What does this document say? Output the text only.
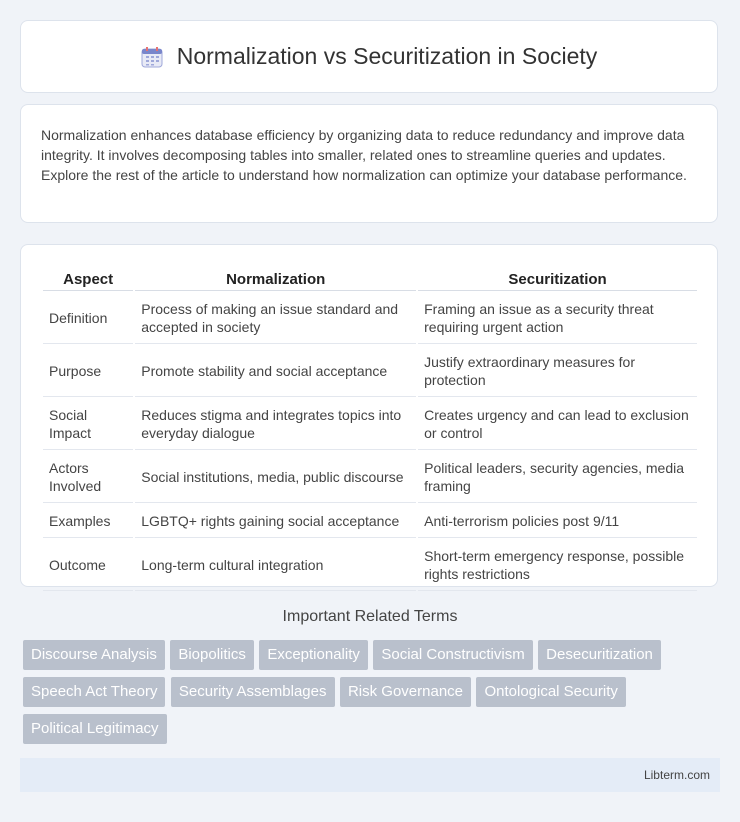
Normalization vs Securitization in Society

Normalization enhances database efficiency by organizing data to reduce redundancy and improve data integrity. It involves decomposing tables into smaller, related ones to streamline queries and updates. Explore the rest of the article to understand how normalization can optimize your database performance.

Aspect	Normalization	Securitization
Definition	Process of making an issue standard and accepted in society	Framing an issue as a security threat requiring urgent action
Purpose	Promote stability and social acceptance	Justify extraordinary measures for protection
Social Impact	Reduces stigma and integrates topics into everyday dialogue	Creates urgency and can lead to exclusion or control
Actors Involved	Social institutions, media, public discourse	Political leaders, security agencies, media framing
Examples	LGBTQ+ rights gaining social acceptance	Anti-terrorism policies post 9/11
Outcome	Long-term cultural integration	Short-term emergency response, possible rights restrictions
Important Related Terms
Discourse Analysis Biopolitics Exceptionality Social Constructivism Desecuritization Speech Act Theory Security Assemblages Risk Governance Ontological Security Political Legitimacy
Libterm.com
